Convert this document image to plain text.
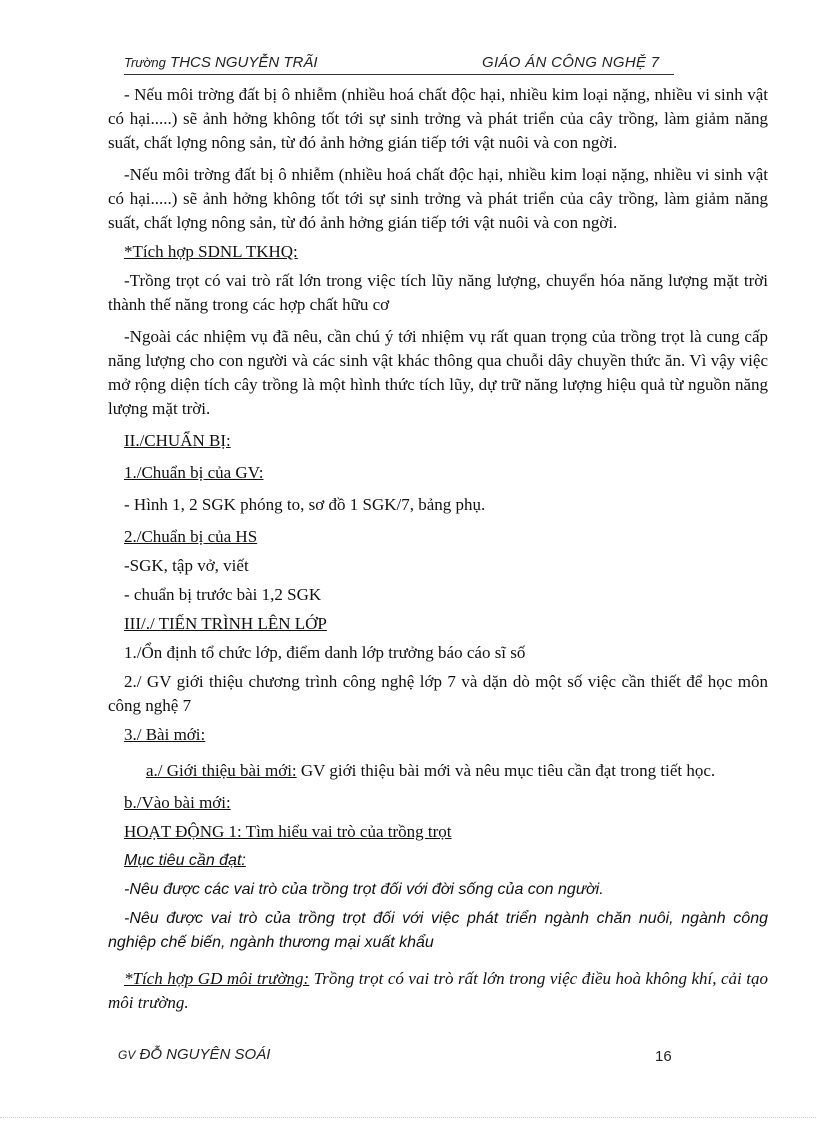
Trường THCS NGUYỄN TRÃI	GIÁO ÁN CÔNG NGHỆ 7

- Nếu môi trờng đất bị ô nhiễm (nhiều hoá chất độc hại, nhiều kim loại nặng, nhiều vi sinh vật có hại.....) sẽ ảnh hởng không tốt tới sự sinh trởng và phát triển của cây trồng, làm giảm năng suất, chất lợng nông sản, từ đó ảnh hởng gián tiếp tới vật nuôi và con ngời.

-Nếu môi trờng đất bị ô nhiễm (nhiều hoá chất độc hại, nhiều kim loại nặng, nhiều vi sinh vật có hại.....) sẽ ảnh hởng không tốt tới sự sinh trởng và phát triển của cây trồng, làm giảm năng suất, chất lợng nông sản, từ đó ảnh hởng gián tiếp tới vật nuôi và con ngời.

*Tích hợp SDNL TKHQ:

-Trồng trọt có vai trò rất lớn trong việc tích lũy năng lượng, chuyển hóa năng lượng mặt trời thành thế năng trong các hợp chất hữu cơ

-Ngoài các nhiệm vụ đã nêu, cần chú ý tới nhiệm vụ rất quan trọng của trồng trọt là cung cấp năng lượng cho con người và các sinh vật khác thông qua chuỗi dây chuyền thức ăn. Vì vậy việc mở rộng diện tích cây trồng là một hình thức tích lũy, dự trữ năng lượng hiệu quả từ nguồn năng lượng mặt trời.

II./CHUẨN BỊ:

1./Chuẩn bị của GV:

- Hình 1, 2 SGK phóng to, sơ đồ 1 SGK/7, bảng phụ.

2./Chuẩn bị của HS

-SGK, tập vở, viết

- chuẩn bị trước bài 1,2 SGK

III/./ TIẾN TRÌNH LÊN LỚP

1./Ổn định tổ chức lớp, điểm danh lớp trưởng báo cáo sĩ số

2./ GV giới thiệu chương trình công nghệ lớp 7 và dặn dò một số việc cần thiết để học môn công nghệ 7

3./ Bài mới:

a./ Giới thiệu bài mới: GV giới thiệu bài mới và nêu mục tiêu cần đạt trong tiết học.

b./Vào bài mới:

HOẠT ĐỘNG 1: Tìm hiểu vai trò của trồng trọt

Mục tiêu cần đạt:

-Nêu được các vai trò của trồng trọt đối với đời sống của con người.

-Nêu được vai trò của trồng trọt đối với việc phát triển ngành chăn nuôi, ngành công nghiệp chế biến, ngành thương mại xuất khẩu

*Tích hợp GD môi trường: Trồng trọt có vai trò rất lớn trong việc điều hoà không khí, cải tạo môi trường.

GV ĐỖ NGUYÊN SOÁI	16
